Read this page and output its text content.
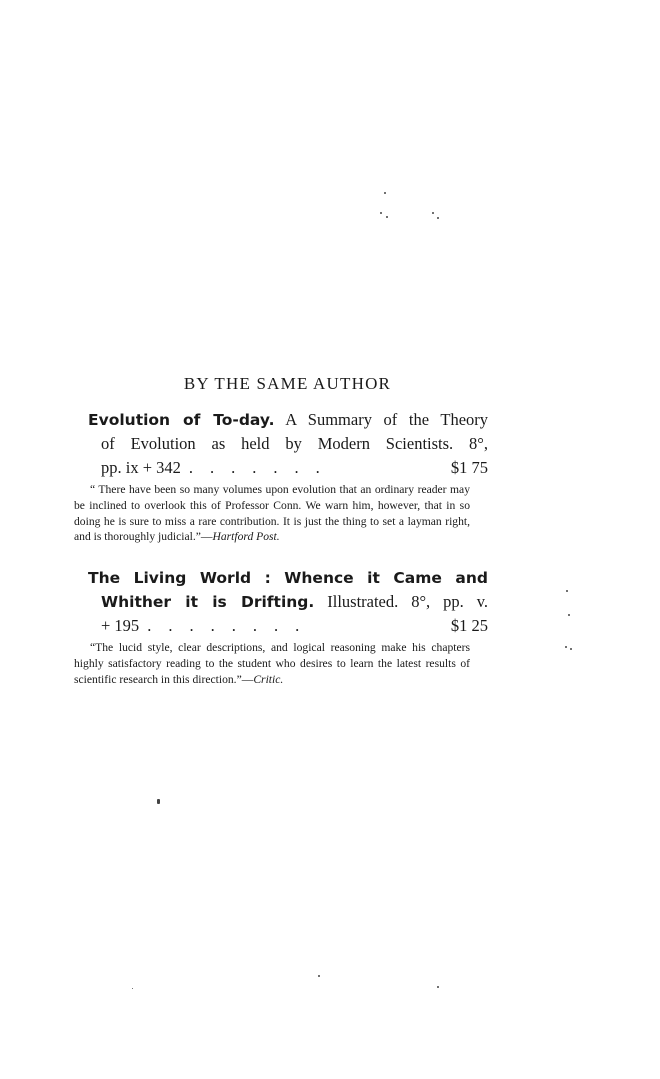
BY THE SAME AUTHOR
Evolution of To-day. A Summary of the Theory
of Evolution as held by Modern Scientists. 8°,
pp. ix + 342 .......	$1 75
“ There have been so many volumes upon evolution that an ordinary reader may be inclined to overlook this of Professor Conn. We warn him, however, that in so doing he is sure to miss a rare contribution. It is just the thing to set a layman right, and is thoroughly judicial.”—Hartford Post.
The Living World : Whence it Came and
Whither it is Drifting. Illustrated. 8°, pp. v.
+ 195 ........	$1 25
“The lucid style, clear descriptions, and logical reasoning make his chapters highly satisfactory reading to the student who desires to learn the latest results of scientific research in this direction.”—Critic.
